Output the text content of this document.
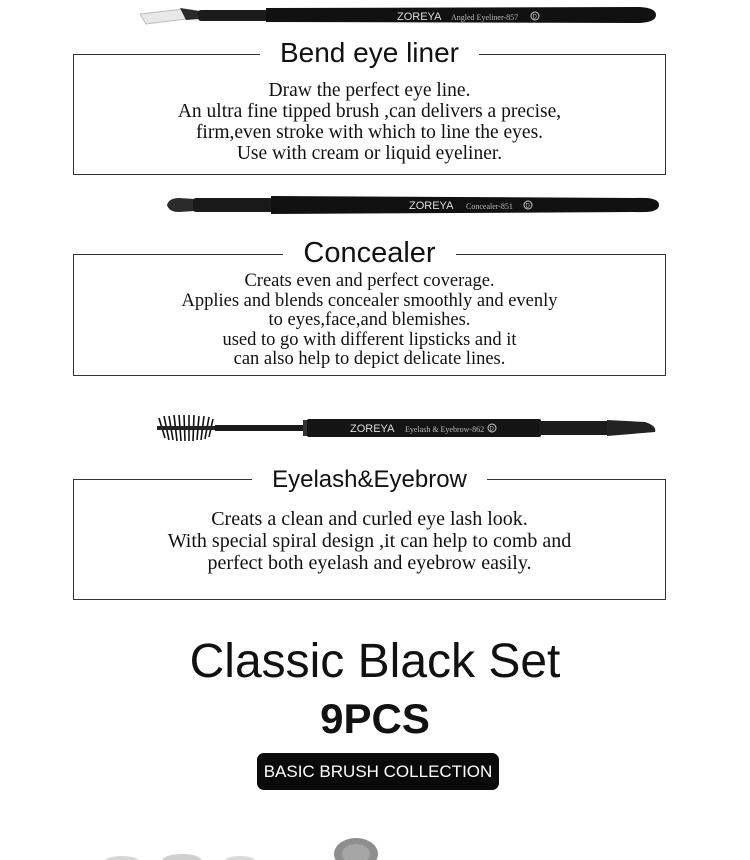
ZOREYA Angled Eyeliner-857 D
Bend eye liner
Draw the perfect eye line.
An ultra fine tipped brush ,can delivers a precise,
firm,even stroke with which to line the eyes.
Use with cream or liquid eyeliner.
ZOREYA Concealer-851 D
Concealer
Creats even and perfect coverage.
Applies and blends concealer smoothly and evenly
to eyes,face,and blemishes.
used to go with different lipsticks and it
can also help to depict delicate lines.
ZOREYA Eyelash & Eyebrow-862 D
Eyelash&Eyebrow
Creats a clean and curled eye lash look.
With special spiral design ,it can help to comb and
perfect both eyelash and eyebrow easily.
Classic Black Set
9PCS
BASIC BRUSH COLLECTION
